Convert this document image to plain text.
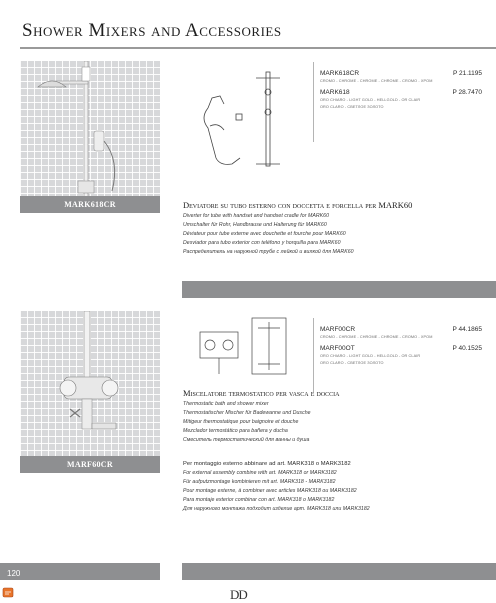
Shower Mixers and Accessories
MARK618CR
MARK618CR	P 21.1195
CROMO - CHROME - CHROME - CHROME - CROMO - XPOM
MARK618	P 28.7470
ORO CHIARO - LIGHT GOLD - HELLGOLD - OR CLAIR
ORO CLARO - СВЕТЛОЕ ЗОЛОТО
Deviatore su tubo esterno con doccetta e forcella per MARK60
Diverter for tube with handset and handset cradle for MARK60
Umschalter für Rohr, Handbrause und Halterung für MARK60
Déviateur pour tube externe avec douchette et fourche pour MARK60
Desviador para tubo exterior con teléfono y horquilla para MARK60
Распределитель на наружной трубе с лейкой и вилкой для MARK60
MARF60CR
MARF00CR	P 44.1865
CROMO - CHROME - CHROME - CHROME - CROMO - XPOM
MARF00OT	P 40.1525
ORO CHIARO - LIGHT GOLD - HELLGOLD - OR CLAIR
ORO CLARO - СВЕТЛОЕ ЗОЛОТО
Miscelatore termostatico per vasca e doccia
Thermostatic bath and shower mixer
Thermostatischer Mischer für Badewanne und Dusche
Mitigeur thermostatique pour baignoire et douche
Mezclador termostático para bañera y ducha
Смеситель термостатический для ванны и душа
Per montaggio esterno abbinare ad art. MARK318 o MARK3182
For external assembly combine with art. MARK318 or MARK3182
Für aufputzmontage kombinieren mit art. MARK318 - MARK3182
Pour montage externe, à combiner avec articles MARK318 ou MARK3182
Para montaje exterior combinar con art. MARK318 o MARK3182
Для наружного монтажа подходит изделие арт. MARK318 или MARK3182
120
DD
